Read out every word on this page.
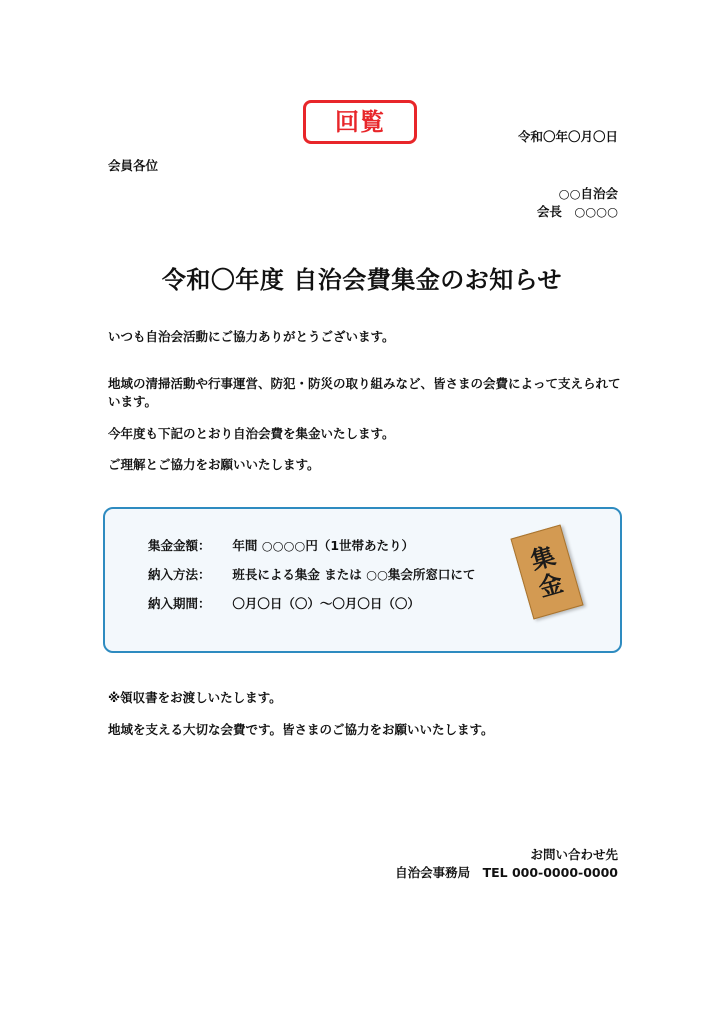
回覧

令和〇年〇月〇日

会員各位

○○自治会

会長　○○○○

令和〇年度 自治会費集金のお知らせ

いつも自治会活動にご協力ありがとうございます。

地域の清掃活動や行事運営、防犯・防災の取り組みなど、皆さまの会費によって支えられています。

今年度も下記のとおり自治会費を集金いたします。

ご理解とご協力をお願いいたします。

集金金額： 年間 ○○○○円（1世帯あたり）
納入方法： 班長による集金 または ○○集会所窓口にて
納入期間： 〇月〇日（〇）～〇月〇日（〇）
集
金

※領収書をお渡しいたします。

地域を支える大切な会費です。皆さまのご協力をお願いいたします。

お問い合わせ先

自治会事務局　TEL 000-0000-0000
